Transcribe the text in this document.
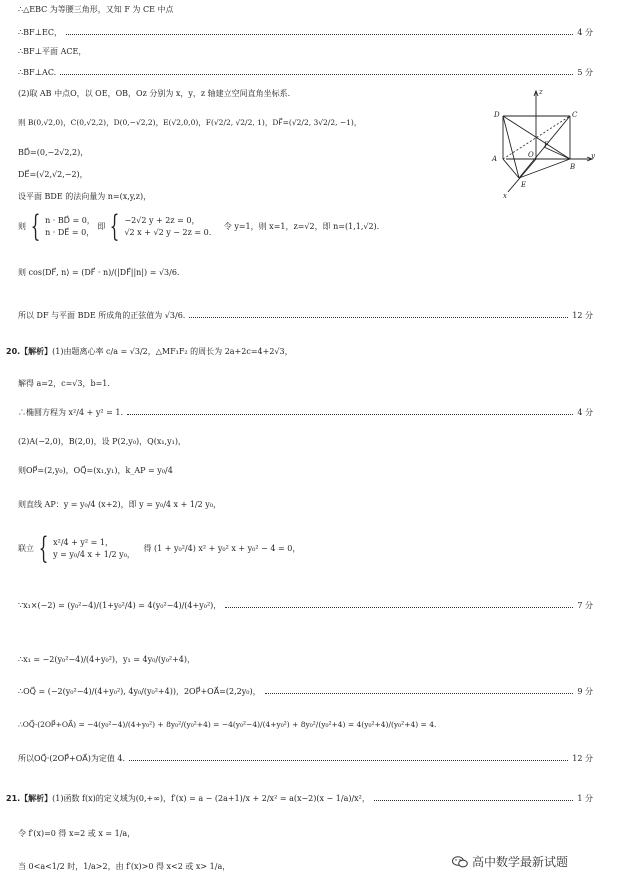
∴△EBC 为等腰三角形，又知 F 为 CE 中点
∴BF⊥EC，	4 分
∴BF⊥平面 ACE，
∴BF⊥AC.	5 分
(2)取 AB 中点O，以 OE，OB，Oz 分别为 x，y，z 轴建立空间直角坐标系.
则 B(0,√2,0)，C(0,√2,2)，D(0,−√2,2)，E(√2,0,0)，F(√2/2, √2/2, 1)，DF⃗=(√2/2, 3√2/2, −1)，
BD⃗=(0,−2√2,2)，
DE⃗=(√2,√2,−2)，
设平面 BDE 的法向量为 n=(x,y,z)，
则 { n · BD⃗ = 0，
n · DE⃗ = 0，
即 { −2√2 y + 2z = 0，
√2 x + √2 y − 2z = 0.
令 y=1，则 x=1，z=√2，即 n=(1,1,√2).
则 cos⟨DF⃗, n⟩ = (DF⃗ · n)/(|DF⃗||n|) = √3/6.
所以 DF 与平面 BDE 所成角的正弦值为 √3/6.	12 分
20.【解析】(1)由题离心率 c/a = √3/2，△MF₁F₂ 的周长为 2a+2c=4+2√3，
解得 a=2，c=√3，b=1.
∴椭圆方程为 x²/4 + y² = 1.	4 分
(2)A(−2,0)，B(2,0)，设 P(2,y₀)，Q(x₁,y₁)，
则OP⃗=(2,y₀)，OQ⃗=(x₁,y₁)，k_AP = y₀/4
则直线 AP：y = y₀/4 (x+2)，即 y = y₀/4 x + 1/2 y₀，
联立 { x²/4 + y² = 1，
y = y₀/4 x + 1/2 y₀，
得 (1 + y₀²/4) x² + y₀² x + y₀² − 4 = 0，
∵x₁×(−2) = (y₀²−4)/(1+y₀²/4) = 4(y₀²−4)/(4+y₀²)，	7 分
∴x₁ = −2(y₀²−4)/(4+y₀²)，y₁ = 4y₀/(y₀²+4)，
∴OQ⃗ = (−2(y₀²−4)/(4+y₀²), 4y₀/(y₀²+4))，2OP⃗+OA⃗=(2,2y₀)，	9 分
∴OQ⃗·(2OP⃗+OA⃗) = −4(y₀²−4)/(4+y₀²) + 8y₀²/(y₀²+4) = −4(y₀²−4)/(4+y₀²) + 8y₀²/(y₀²+4) = 4(y₀²+4)/(y₀²+4) = 4.
所以OQ⃗·(2OP⃗+OA⃗)为定值 4.	12 分
21.【解析】 (1)函数 f(x)的定义域为(0,+∞)，f′(x) = a − (2a+1)/x + 2/x² = a(x−2)(x − 1/a)/x²，	1 分
令 f′(x)=0 得 x=2 或 x = 1/a，
当 0<a<1/2 时，1/a>2，由 f′(x)>0 得 x<2 或 x> 1/a，
z
D	C
F
A	O
B
y
E
x
高中数学最新试题
